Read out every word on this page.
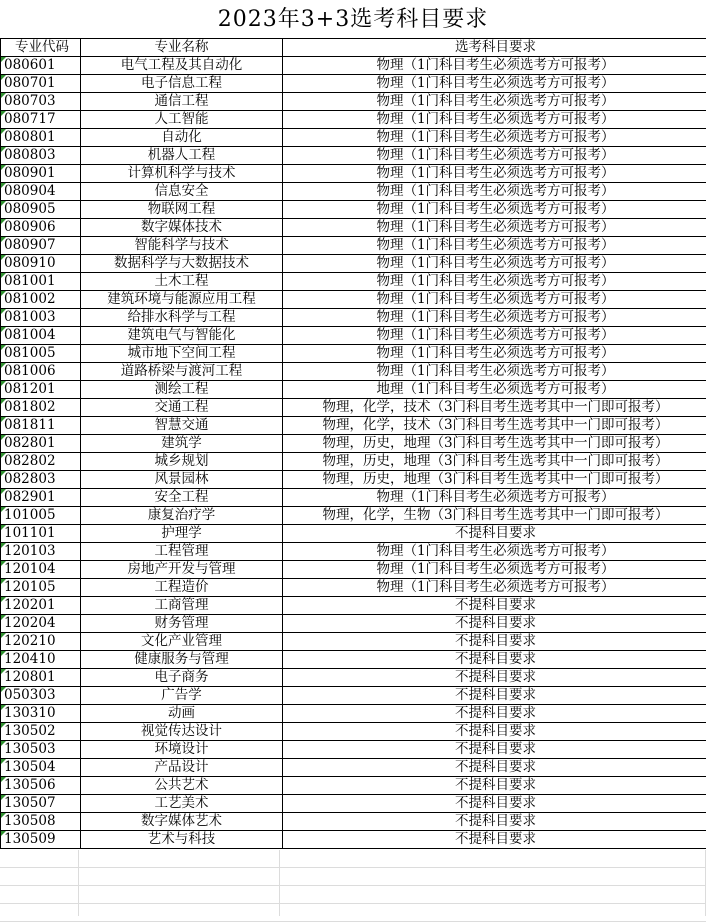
2023年3+3选考科目要求
专业代码	专业名称	选考科目要求

080601	电气工程及其自动化	物理（1门科目考生必须选考方可报考）

080701	电子信息工程	物理（1门科目考生必须选考方可报考）

080703	通信工程	物理（1门科目考生必须选考方可报考）

080717	人工智能	物理（1门科目考生必须选考方可报考）

080801	自动化	物理（1门科目考生必须选考方可报考）

080803	机器人工程	物理（1门科目考生必须选考方可报考）

080901	计算机科学与技术	物理（1门科目考生必须选考方可报考）

080904	信息安全	物理（1门科目考生必须选考方可报考）

080905	物联网工程	物理（1门科目考生必须选考方可报考）

080906	数字媒体技术	物理（1门科目考生必须选考方可报考）

080907	智能科学与技术	物理（1门科目考生必须选考方可报考）

080910	数据科学与大数据技术	物理（1门科目考生必须选考方可报考）

081001	土木工程	物理（1门科目考生必须选考方可报考）

081002	建筑环境与能源应用工程	物理（1门科目考生必须选考方可报考）

081003	给排水科学与工程	物理（1门科目考生必须选考方可报考）

081004	建筑电气与智能化	物理（1门科目考生必须选考方可报考）

081005	城市地下空间工程	物理（1门科目考生必须选考方可报考）

081006	道路桥梁与渡河工程	物理（1门科目考生必须选考方可报考）

081201	测绘工程	地理（1门科目考生必须选考方可报考）

081802	交通工程	物理，化学，技术（3门科目考生选考其中一门即可报考）

081811	智慧交通	物理，化学，技术（3门科目考生选考其中一门即可报考）

082801	建筑学	物理，历史，地理（3门科目考生选考其中一门即可报考）

082802	城乡规划	物理，历史，地理（3门科目考生选考其中一门即可报考）

082803	风景园林	物理，历史，地理（3门科目考生选考其中一门即可报考）

082901	安全工程	物理（1门科目考生必须选考方可报考）

101005	康复治疗学	物理，化学，生物（3门科目考生选考其中一门即可报考）

101101	护理学	不提科目要求

120103	工程管理	物理（1门科目考生必须选考方可报考）

120104	房地产开发与管理	物理（1门科目考生必须选考方可报考）

120105	工程造价	物理（1门科目考生必须选考方可报考）

120201	工商管理	不提科目要求

120204	财务管理	不提科目要求

120210	文化产业管理	不提科目要求

120410	健康服务与管理	不提科目要求

120801	电子商务	不提科目要求

050303	广告学	不提科目要求

130310	动画	不提科目要求

130502	视觉传达设计	不提科目要求

130503	环境设计	不提科目要求

130504	产品设计	不提科目要求

130506	公共艺术	不提科目要求

130507	工艺美术	不提科目要求

130508	数字媒体艺术	不提科目要求

130509	艺术与科技	不提科目要求
